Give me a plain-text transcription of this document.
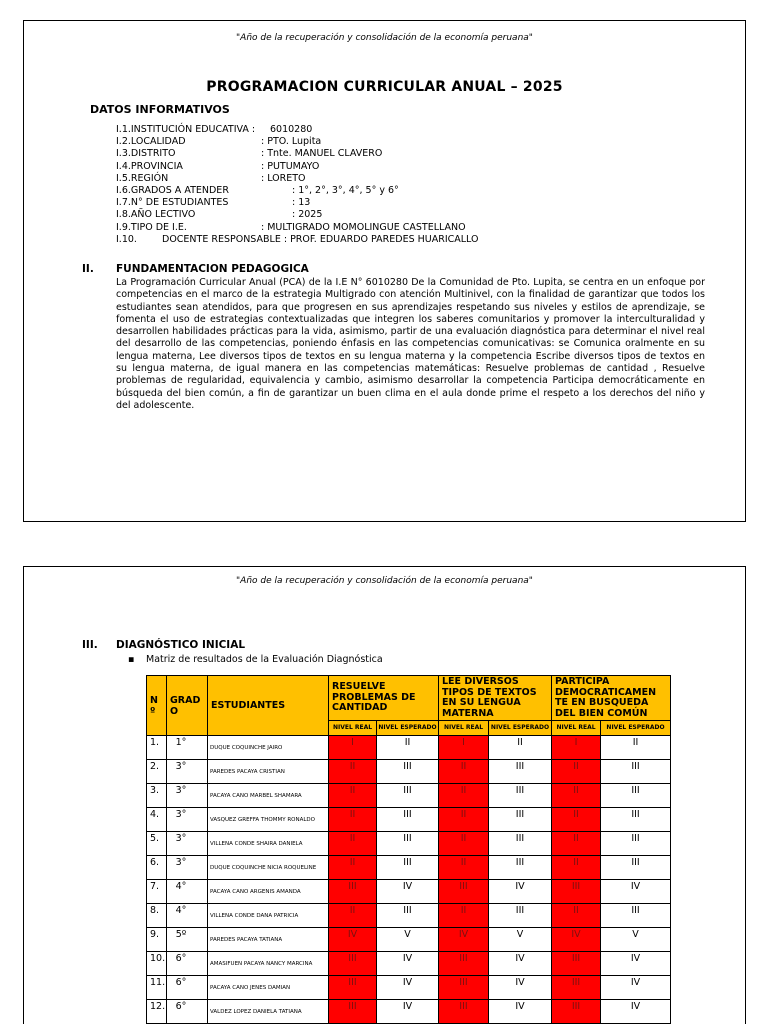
"Año de la recuperación y consolidación de la economía peruana"
PROGRAMACION CURRICULAR ANUAL – 2025
DATOS INFORMATIVOS
I.1.INSTITUCIÓN EDUCATIVA : 6010280
I.2.LOCALIDAD	: PTO. Lupita
I.3.DISTRITO	: Tnte. MANUEL CLAVERO
I.4.PROVINCIA	: PUTUMAYO
I.5.REGIÓN	: LORETO
I.6.GRADOS A ATENDER	: 1°, 2°, 3°, 4°, 5° y 6°
I.7.N° DE ESTUDIANTES	: 13
I.8.AÑO LECTIVO	: 2025
I.9.TIPO DE I.E.	: MULTIGRADO MOMOLINGUE CASTELLANO
I.10.	DOCENTE RESPONSABLE : PROF. EDUARDO PAREDES HUARICALLO
II. FUNDAMENTACION PEDAGOGICA
La Programación Curricular Anual (PCA) de la I.E N° 6010280 De la Comunidad de Pto. Lupita, se centra en un enfoque por competencias en el marco de la estrategia Multigrado con atención Multinivel, con la finalidad de garantizar que todos los estudiantes sean atendidos, para que progresen en sus aprendizajes respetando sus niveles y estilos de aprendizaje, se fomenta el uso de estrategias contextualizadas que integren los saberes comunitarios y promover la interculturalidad y desarrollen habilidades prácticas para la vida, asimismo, partir de una evaluación diagnóstica para determinar el nivel real del desarrollo de las competencias, poniendo énfasis en las competencias comunicativas: se Comunica oralmente en su lengua materna, Lee diversos tipos de textos en su lengua materna y la competencia Escribe diversos tipos de textos en su lengua materna, de igual manera en las competencias matemáticas: Resuelve problemas de cantidad , Resuelve problemas de regularidad, equivalencia y cambio, asimismo desarrollar la competencia Participa democráticamente en búsqueda del bien común, a fin de garantizar un buen clima en el aula donde prime el respeto a los derechos del niño y del adolescente.
"Año de la recuperación y consolidación de la economía peruana"
III. DIAGNÓSTICO INICIAL
▪ Matriz de resultados de la Evaluación Diagnóstica
N º	GRAD O	ESTUDIANTES	RESUELVE PROBLEMAS DE CANTIDAD		LEE DIVERSOS TIPOS DE TEXTOS EN SU LENGUA MATERNA		PARTICIPA DEMOCRATICAMEN TE EN BUSQUEDA DEL BIEN COMÚN	
			NIVEL REAL	NIVEL ESPERADO	NIVEL REAL	NIVEL ESPERADO	NIVEL REAL	NIVEL ESPERADO
1.	1°	DUQUE COQUINCHE JAIRO	I	II	I	II	I	II
2.	3°	PAREDES PACAYA CRISTIAN	II	III	II	III	II	III
3.	3°	PACAYA CANO MARBEL SHAMARA	II	III	II	III	II	III
4.	3°	VASQUEZ GREFFA THOMMY RONALDO	II	III	II	III	II	III
5.	3°	VILLENA CONDE SHAIRA DANIELA	II	III	II	III	II	III
6.	3°	DUQUE COQUINCHE NICIA ROQUELINE	II	III	II	III	II	III
7.	4°	PACAYA CANO ARGENIS AMANDA	III	IV	III	IV	III	IV
8.	4°	VILLENA CONDE DANA PATRICIA	II	III	II	III	II	III
9.	5º	PAREDES PACAYA TATIANA	IV	V	IV	V	IV	V
10.	6°	AMASIFUEN PACAYA NANCY MARCINA	III	IV	III	IV	III	IV
11.	6°	PACAYA CANO JENES DAMIAN	III	IV	III	IV	III	IV
12.	6°	VALDEZ LOPEZ DANIELA TATIANA	III	IV	III	IV	III	IV
